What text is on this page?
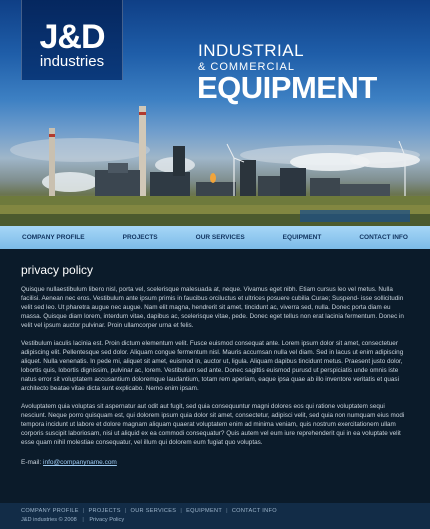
J&D
industries
INDUSTRIAL
& COMMERCIAL
EQUIPMENT
COMPANY PROFILE	PROJECTS	OUR SERVICES	EQUIPMENT	CONTACT INFO
privacy policy

Quisque nullaestibulum libero nisl, porta vel, scelerisque malesuada at, neque. Vivamus eget nibh. Etiam cursus leo vel metus. Nulla facilisi. Aenean nec eros. Vestibulum ante ipsum primis in faucibus orciluctus et ultrices posuere cubilia Curae; Suspend- isse sollicitudin velit sed leo. Ut pharetra augue nec augue. Nam elit magna, hendrerit sit amet, tincidunt ac, viverra sed, nulla. Donec porta diam eu massa. Quisque diam lorem, interdum vitae, dapibus ac, scelerisque vitae, pede. Donec eget tellus non erat lacinia fermentum. Donec in velit vel ipsum auctor pulvinar. Proin ullamcorper urna et felis.

Vestibulum iaculis lacinia est. Proin dictum elementum velit. Fusce euismod consequat ante. Lorem ipsum dolor sit amet, consectetuer adipiscing elit. Pellentesque sed dolor. Aliquam congue fermentum nisl. Mauris accumsan nulla vel diam. Sed in lacus ut enim adipiscing aliquet. Nulla venenatis. In pede mi, aliquet sit amet, euismod in, auctor ut, ligula. Aliquam dapibus tincidunt metus. Praesent justo dolor, lobortis quis, lobortis dignissim, pulvinar ac, lorem. Vestibulum sed ante. Donec sagittis euismod purusd ut perspiciatis unde omnis iste natus error sit voluptatem accusantium doloremque laudantium, totam rem aperiam, eaque ipsa quae ab illo inventore veritatis et quasi architecto beatae vitae dicta sunt explicabo. Nemo enim ipsam.

Avoluptatem quia voluptas sit aspernatur aut odit aut fugit, sed quia consequuntur magni dolores eos qui ratione voluptatem sequi nesciunt. Neque porro quisquam est, qui dolorem ipsum quia dolor sit amet, consectetur, adipisci velit, sed quia non numquam eius modi tempora incidunt ut labore et dolore magnam aliquam quaerat voluptatem enim ad minima veniam, quis nostrum exercitationem ullam corporis suscipit laboriosam, nisi ut aliquid ex ea commodi consequatur? Quis autem vel eum iure reprehenderit qui in ea voluptate velit esse quam nihil molestiae consequatur, vel illum qui dolorem eum fugiat quo voluptas.

E-mail: info@companyname.com
COMPANY PROFILE | PROJECTS | OUR SERVICES | EQUIPMENT | CONTACT INFO
J&D industries © 2008 | Privacy Policy
